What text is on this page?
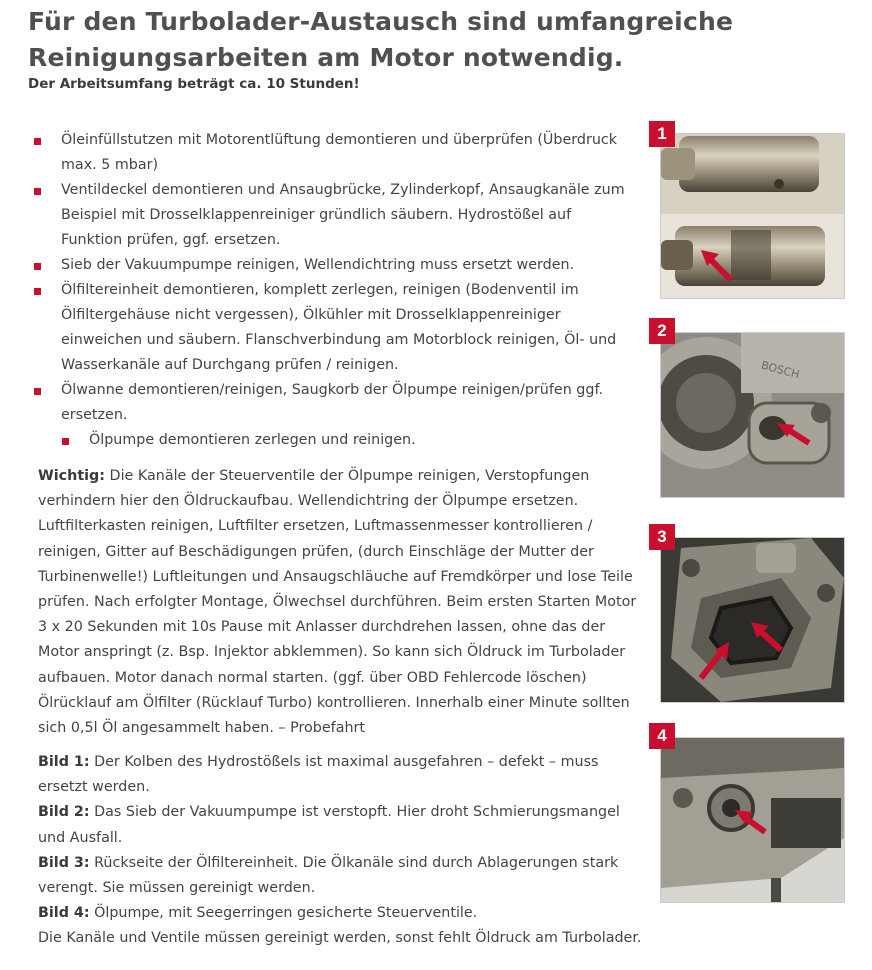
Für den Turbolader-Austausch sind umfangreiche Reinigungsarbeiten am Motor notwendig.
Der Arbeitsumfang beträgt ca. 10 Stunden!
Öleinfüllstutzen mit Motorentlüftung demontieren und überprüfen (Überdruck max. 5 mbar)
Ventildeckel demontieren und Ansaugbrücke, Zylinderkopf, Ansaugkanäle zum Beispiel mit Drosselklappenreiniger gründlich säubern. Hydrostößel auf Funktion prüfen, ggf. ersetzen.
Sieb der Vakuumpumpe reinigen, Wellendichtring muss ersetzt werden.
Ölfiltereinheit demontieren, komplett zerlegen, reinigen (Bodenventil im Ölfiltergehäuse nicht vergessen), Ölkühler mit Drosselklappenreiniger einweichen und säubern. Flanschverbindung am Motorblock reinigen, Öl- und Wasserkanäle auf Durchgang prüfen / reinigen.
Ölwanne demontieren/reinigen, Saugkorb der Ölpumpe reinigen/prüfen ggf. ersetzen.
Ölpumpe demontieren zerlegen und reinigen.
Wichtig: Die Kanäle der Steuerventile der Ölpumpe reinigen, Verstopfungen verhindern hier den Öldruckaufbau. Wellendichtring der Ölpumpe ersetzen. Luftfilterkasten reinigen, Luftfilter ersetzen, Luftmassenmesser kontrollieren / reinigen, Gitter auf Beschädigungen prüfen, (durch Einschläge der Mutter der Turbinenwelle!) Luftleitungen und Ansaugschläuche auf Fremdkörper und lose Teile prüfen. Nach erfolgter Montage, Ölwechsel durchführen. Beim ersten Starten Motor 3 x 20 Sekunden mit 10s Pause mit Anlasser durchdrehen lassen, ohne das der Motor anspringt (z. Bsp. Injektor abklemmen). So kann sich Öldruck im Turbolader aufbauen. Motor danach normal starten. (ggf. über OBD Fehlercode löschen) Ölrücklauf am Ölfilter (Rücklauf Turbo) kontrollieren. Innerhalb einer Minute sollten sich 0,5l Öl angesammelt haben. – Probefahrt
Bild 1: Der Kolben des Hydrostößels ist maximal ausgefahren – defekt – muss ersetzt werden.
Bild 2: Das Sieb der Vakuumpumpe ist verstopft. Hier droht Schmierungsmangel und Ausfall.
Bild 3: Rückseite der Ölfiltereinheit. Die Ölkanäle sind durch Ablagerungen stark verengt. Sie müssen gereinigt werden.
Bild 4: Ölpumpe, mit Seegerringen gesicherte Steuerventile.
Die Kanäle und Ventile müssen gereinigt werden, sonst fehlt Öldruck am Turbolader.
1
BOSCH
2
3
4
